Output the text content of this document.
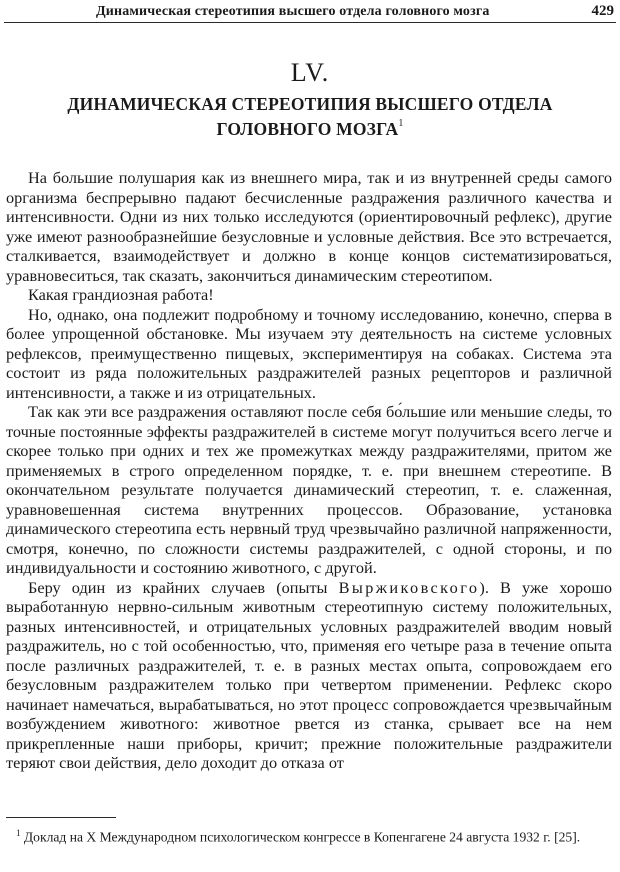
Динамическая стереотипия высшего отдела головного мозга	429
LV.
ДИНАМИЧЕСКАЯ СТЕРЕОТИПИЯ ВЫСШЕГО ОТДЕЛА ГОЛОВНОГО МОЗГА$^1$

На большие полушария как из внешнего мира, так и из внутренней среды самого организма беспрерывно падают бесчисленные раздражения различного качества и интенсивности. Одни из них только исследуются (ориентировочный рефлекс), другие уже имеют разнообразнейшие безусловные и условные действия. Все это встречается, сталкивается, взаимодействует и должно в конце концов систематизироваться, уравновеситься, так сказать, закончиться динамическим стереотипом.

Какая грандиозная работа!

Но, однако, она подлежит подробному и точному исследованию, конечно, сперва в более упрощенной обстановке. Мы изучаем эту деятельность на системе условных рефлексов, преимущественно пищевых, экспериментируя на собаках. Система эта состоит из ряда положительных раздражителей разных рецепторов и различной интенсивности, а также и из отрицательных.

Так как эти все раздражения оставляют после себя бо́льшие или меньшие следы, то точные постоянные эффекты раздражителей в системе могут получиться всего легче и скорее только при одних и тех же промежутках между раздражителями, притом же применяемых в строго определенном порядке, т. е. при внешнем стереотипе. В окончательном результате получается динамический стереотип, т. е. слаженная, уравновешенная система внутренних процессов. Образование, установка динамического стереотипа есть нервный труд чрезвычайно различной напряженности, смотря, конечно, по сложности системы раздражителей, с одной стороны, и по индивидуальности и состоянию животного, с другой.

Беру один из крайних случаев (опыты Выржиковского). В уже хорошо выработанную нервно-сильным животным стереотипную систему положительных, разных интенсивностей, и отрицательных условных раздражителей вводим новый раздражитель, но с той особенностью, что, применяя его четыре раза в течение опыта после различных раздражителей, т. е. в разных местах опыта, сопровождаем его безусловным раздражителем только при четвертом применении. Рефлекс скоро начинает намечаться, вырабатываться, но этот процесс сопровождается чрезвычайным возбуждением животного: животное рвется из станка, срывает все на нем прикрепленные наши приборы, кричит; прежние положительные раздражители теряют свои действия, дело доходит до отказа от

$^1$ Доклад на X Международном психологическом конгрессе в Копенгагене 24 августа 1932 г. [25].
